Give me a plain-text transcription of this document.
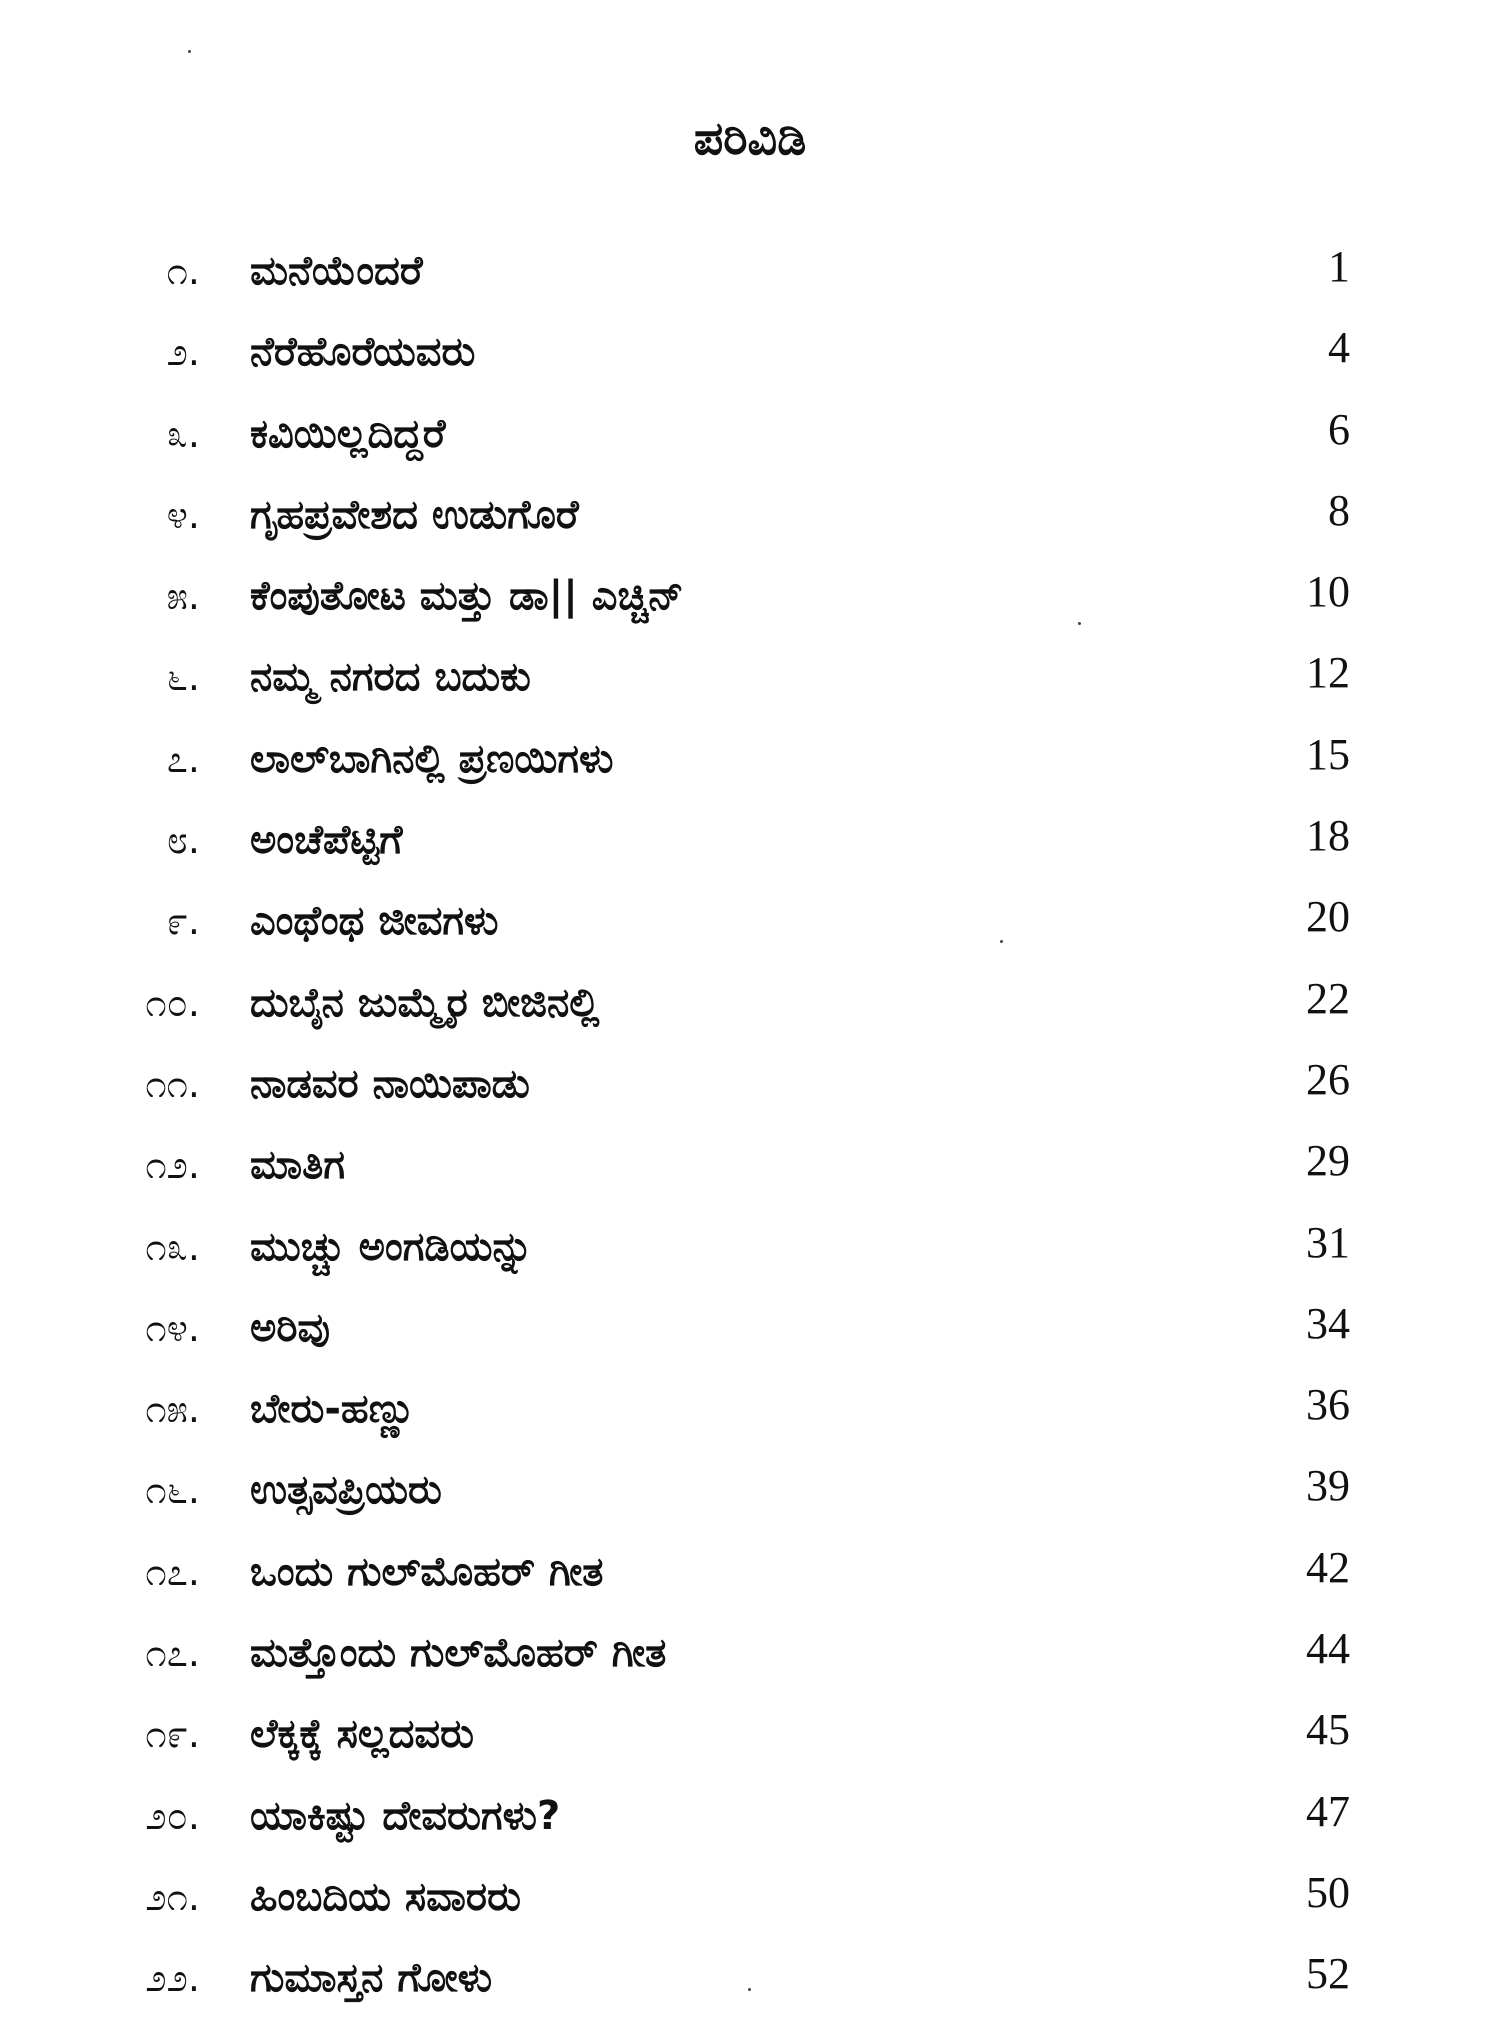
ಪರಿವಿಡಿ
೧. ಮನೆಯೆಂದರೆ	1
೨. ನೆರೆಹೊರೆಯವರು	4
೩. ಕವಿಯಿಲ್ಲದಿದ್ದರೆ	6
೪. ಗೃಹಪ್ರವೇಶದ ಉಡುಗೊರೆ	8
೫. ಕೆಂಪುತೋಟ ಮತ್ತು ಡಾ|| ಎಚ್ಚಿನ್	10
೬. ನಮ್ಮ ನಗರದ ಬದುಕು	12
೭. ಲಾಲ್‌ಬಾಗಿನಲ್ಲಿ ಪ್ರಣಯಿಗಳು	15
೮. ಅಂಚೆಪೆಟ್ಟಿಗೆ	18
೯. ಎಂಥೆಂಥ ಜೀವಗಳು	20
೧೦. ದುಬೈನ ಜುಮ್ಮೈರ ಬೀಜಿನಲ್ಲಿ	22
೧೧. ನಾಡವರ ನಾಯಿಪಾಡು	26
೧೨. ಮಾತಿಗ	29
೧೩. ಮುಚ್ಚು ಅಂಗಡಿಯನ್ನು	31
೧೪. ಅರಿವು	34
೧೫. ಬೇರು-ಹಣ್ಣು	36
೧೬. ಉತ್ಸವಪ್ರಿಯರು	39
೧೭. ಒಂದು ಗುಲ್‌ಮೊಹರ್ ಗೀತ	42
೧೭. ಮತ್ತೊಂದು ಗುಲ್‌ಮೊಹರ್ ಗೀತ	44
೧೯. ಲೆಕ್ಕಕ್ಕೆ ಸಲ್ಲದವರು	45
೨೦. ಯಾಕಿಷ್ಟು ದೇವರುಗಳು?	47
೨೧. ಹಿಂಬದಿಯ ಸವಾರರು	50
೨೨. ಗುಮಾಸ್ತನ ಗೋಳು	52
